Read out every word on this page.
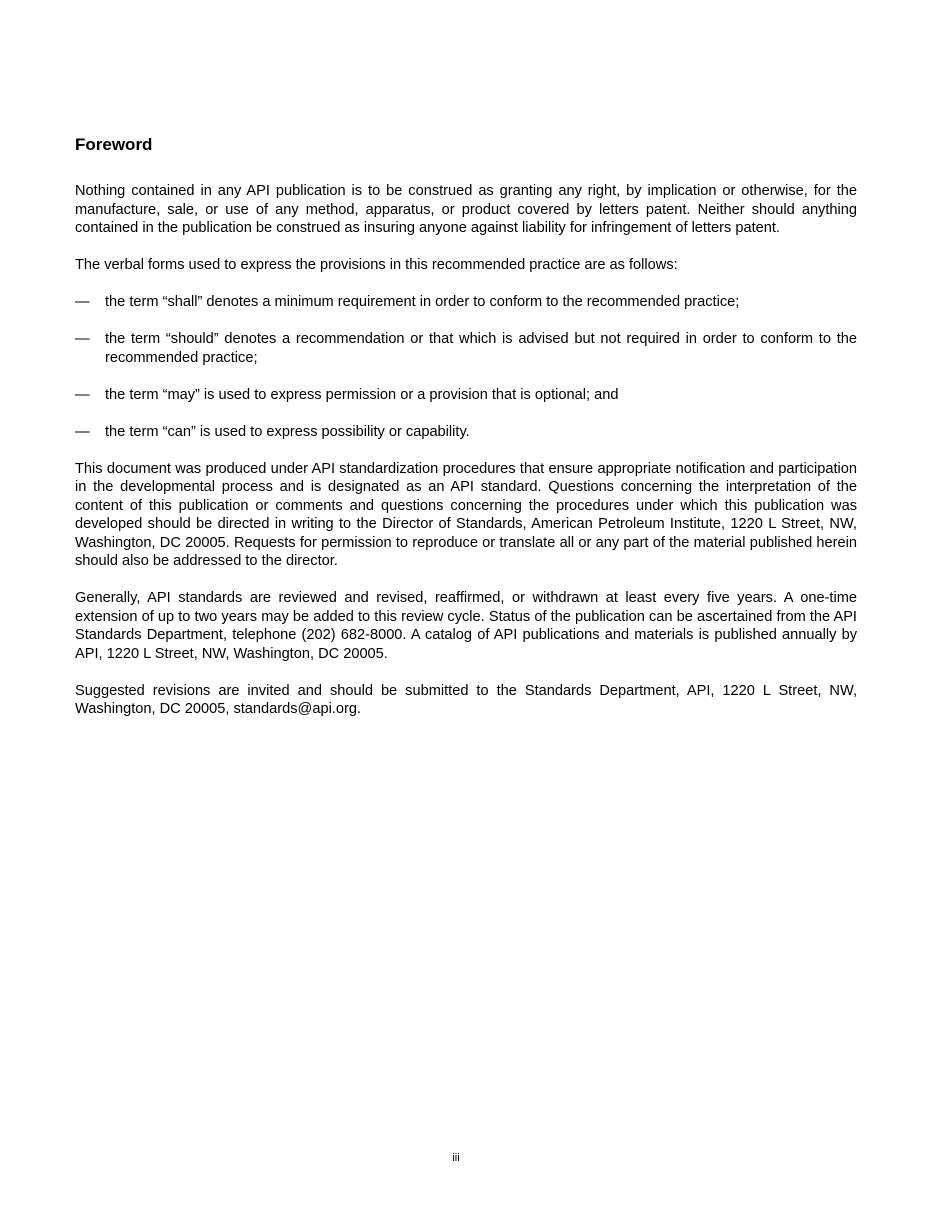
Foreword

Nothing contained in any API publication is to be construed as granting any right, by implication or otherwise, for the manufacture, sale, or use of any method, apparatus, or product covered by letters patent. Neither should anything contained in the publication be construed as insuring anyone against liability for infringement of letters patent.

The verbal forms used to express the provisions in this recommended practice are as follows:

— the term “shall” denotes a minimum requirement in order to conform to the recommended practice;
— the term “should” denotes a recommendation or that which is advised but not required in order to conform to the recommended practice;
— the term “may” is used to express permission or a provision that is optional; and
— the term “can” is used to express possibility or capability.

This document was produced under API standardization procedures that ensure appropriate notification and participation in the developmental process and is designated as an API standard. Questions concerning the interpretation of the content of this publication or comments and questions concerning the procedures under which this publication was developed should be directed in writing to the Director of Standards, American Petroleum Institute, 1220 L Street, NW, Washington, DC 20005. Requests for permission to reproduce or translate all or any part of the material published herein should also be addressed to the director.

Generally, API standards are reviewed and revised, reaffirmed, or withdrawn at least every five years. A one-time extension of up to two years may be added to this review cycle. Status of the publication can be ascertained from the API Standards Department, telephone (202) 682-8000. A catalog of API publications and materials is published annually by API, 1220 L Street, NW, Washington, DC 20005.

Suggested revisions are invited and should be submitted to the Standards Department, API, 1220 L Street, NW, Washington, DC 20005, standards@api.org.

iii
